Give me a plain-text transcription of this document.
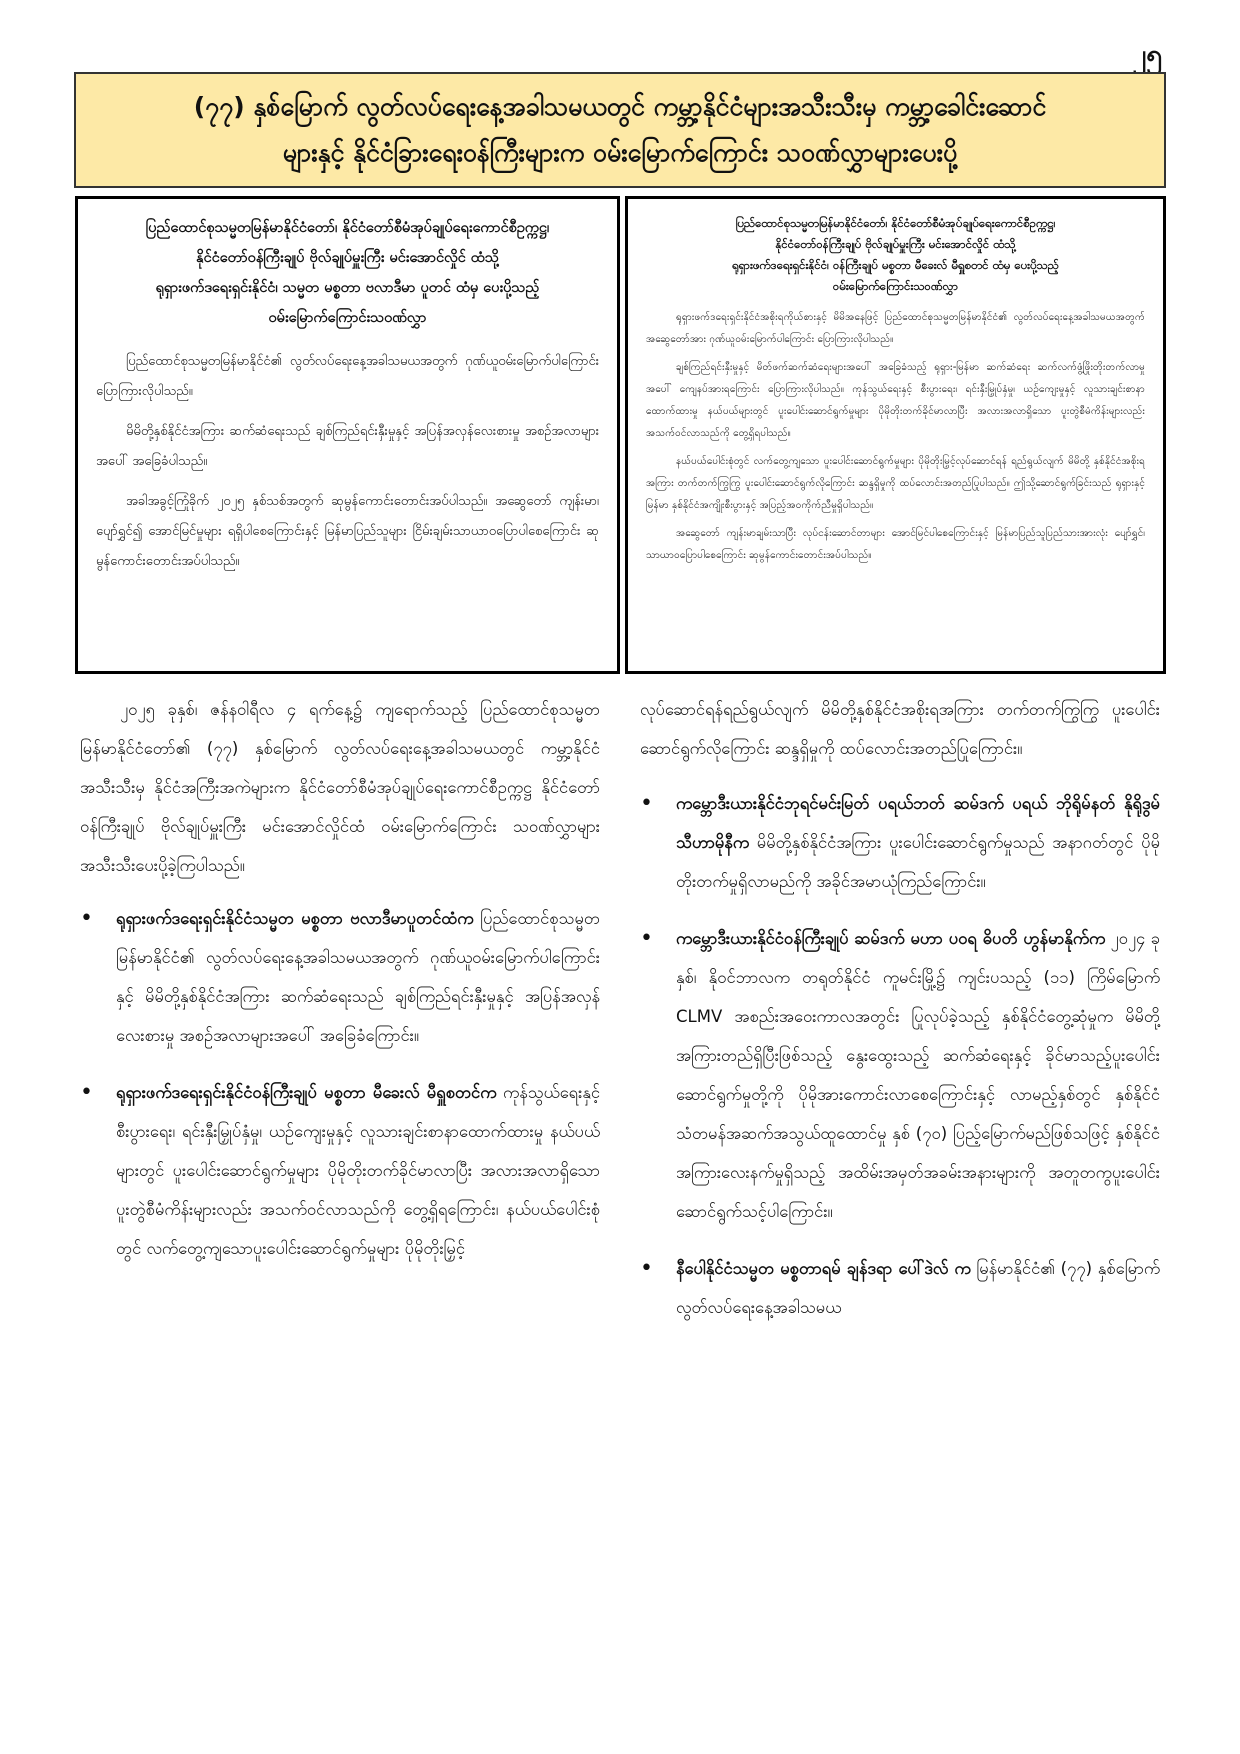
၂၅
(၇၇) နှစ်မြောက် လွတ်လပ်ရေးနေ့အခါသမယတွင် ကမ္ဘာ့နိုင်ငံများအသီးသီးမှ ကမ္ဘာ့ခေါင်းဆောင်
များနှင့် နိုင်ငံခြားရေးဝန်ကြီးများက ဝမ်းမြောက်ကြောင်း သဝဏ်လွှာများပေးပို့
ပြည်ထောင်စုသမ္မတမြန်မာနိုင်ငံတော်၊ နိုင်ငံတော်စီမံအုပ်ချုပ်ရေးကောင်စီဥက္ကဋ္ဌ၊
နိုင်ငံတော်ဝန်ကြီးချုပ် ဗိုလ်ချုပ်မှူးကြီး မင်းအောင်လှိုင် ထံသို့
ရုရှားဖက်ဒရေးရှင်းနိုင်ငံ၊ သမ္မတ မစ္စတာ ဗလာဒီမာ ပူတင် ထံမှ ပေးပို့သည့်
ဝမ်းမြောက်ကြောင်းသဝဏ်လွှာ

ပြည်ထောင်စုသမ္မတမြန်မာနိုင်ငံ၏ လွတ်လပ်ရေးနေ့အခါသမယအတွက် ဂုဏ်ယူဝမ်းမြောက်ပါကြောင်း ပြောကြားလိုပါသည်။

မိမိတို့နှစ်နိုင်ငံအကြား ဆက်ဆံရေးသည် ချစ်ကြည်ရင်းနှီးမှုနှင့် အပြန်အလှန်လေးစားမှု အစဉ်အလာများအပေါ် အခြေခံပါသည်။

အခါအခွင့်ကြုံခိုက် ၂၀၂၅ နှစ်သစ်အတွက် ဆုမွန်ကောင်းတောင်းအပ်ပါသည်။ အဆွေတော် ကျန်းမာ၊ ပျော်ရွှင်၍ အောင်မြင်မှုများ ရရှိပါစေကြောင်းနှင့် မြန်မာပြည်သူများ ငြိမ်းချမ်းသာယာဝပြောပါစေကြောင်း ဆုမွန်ကောင်းတောင်းအပ်ပါသည်။

ပြည်ထောင်စုသမ္မတမြန်မာနိုင်ငံတော်၊ နိုင်ငံတော်စီမံအုပ်ချုပ်ရေးကောင်စီဥက္ကဋ္ဌ၊
နိုင်ငံတော်ဝန်ကြီးချုပ် ဗိုလ်ချုပ်မှူးကြီး မင်းအောင်လှိုင် ထံသို့
ရုရှားဖက်ဒရေးရှင်းနိုင်ငံ၊ ဝန်ကြီးချုပ် မစ္စတာ မီခေးလ် မီရှူစတင် ထံမှ ပေးပို့သည့်
ဝမ်းမြောက်ကြောင်းသဝဏ်လွှာ

ရုရှားဖက်ဒရေးရှင်းနိုင်ငံအစိုးရကိုယ်စားနှင့် မိမိအနေဖြင့် ပြည်ထောင်စုသမ္မတမြန်မာနိုင်ငံ၏ လွတ်လပ်ရေးနေ့အခါသမယအတွက် အဆွေတော်အား ဂုဏ်ယူဝမ်းမြောက်ပါကြောင်း ပြောကြားလိုပါသည်။

ချစ်ကြည်ရင်းနှီးမှုနှင့် မိတ်ဖက်ဆက်ဆံရေးများအပေါ် အခြေခံသည့် ရုရှား-မြန်မာ ဆက်ဆံရေး ဆက်လက်ဖွံ့ဖြိုးတိုးတက်လာမှုအပေါ် ကျေနပ်အားရကြောင်း ပြောကြားလိုပါသည်။ ကုန်သွယ်ရေးနှင့် စီးပွားရေး၊ ရင်းနှီးမြှုပ်နှံမှု၊ ယဉ်ကျေးမှုနှင့် လူသားချင်းစာနာထောက်ထားမှု နယ်ပယ်များတွင် ပူးပေါင်းဆောင်ရွက်မှုများ ပိုမိုတိုးတက်ခိုင်မာလာပြီး အလားအလာရှိသော ပူးတွဲစီမံကိန်းများလည်း အသက်ဝင်လာသည်ကို တွေ့ရှိရပါသည်။

နယ်ပယ်ပေါင်းစုံတွင် လက်တွေ့ကျသော ပူးပေါင်းဆောင်ရွက်မှုများ ပိုမိုတိုးမြှင့်လုပ်ဆောင်ရန် ရည်ရွယ်လျက် မိမိတို့ နှစ်နိုင်ငံအစိုးရအကြား တက်တက်ကြွကြွ ပူးပေါင်းဆောင်ရွက်လိုကြောင်း ဆန္ဒရှိမှုကို ထပ်လောင်းအတည်ပြုပါသည်။ ဤသို့ဆောင်ရွက်ခြင်းသည် ရုရှားနှင့် မြန်မာ နှစ်နိုင်ငံအကျိုးစီးပွားနှင့် အပြည့်အဝကိုက်ညီမှုရှိပါသည်။

အဆွေတော် ကျန်းမာချမ်းသာပြီး လုပ်ငန်းဆောင်တာများ အောင်မြင်ပါစေကြောင်းနှင့် မြန်မာပြည်သူပြည်သားအားလုံး ပျော်ရွှင်၊ သာယာဝပြောပါစေကြောင်း ဆုမွန်ကောင်းတောင်းအပ်ပါသည်။

၂၀၂၅ ခုနှစ်၊ ဇန်နဝါရီလ ၄ ရက်နေ့၌ ကျရောက်သည့် ပြည်ထောင်စုသမ္မတမြန်မာနိုင်ငံတော်၏ (၇၇) နှစ်မြောက် လွတ်လပ်ရေးနေ့အခါသမယတွင် ကမ္ဘာ့နိုင်ငံအသီးသီးမှ နိုင်ငံအကြီးအကဲများက နိုင်ငံတော်စီမံအုပ်ချုပ်ရေးကောင်စီဥက္ကဋ္ဌ နိုင်ငံတော်ဝန်ကြီးချုပ် ဗိုလ်ချုပ်မှူးကြီး မင်းအောင်လှိုင်ထံ ဝမ်းမြောက်ကြောင်း သဝဏ်လွှာများ အသီးသီးပေးပို့ခဲ့ကြပါသည်။

• ရုရှားဖက်ဒရေးရှင်းနိုင်ငံသမ္မတ မစ္စတာ ဗလာဒီမာပူတင်ထံက ပြည်ထောင်စုသမ္မတမြန်မာနိုင်ငံ၏ လွတ်လပ်ရေးနေ့အခါသမယအတွက် ဂုဏ်ယူဝမ်းမြောက်ပါကြောင်းနှင့် မိမိတို့နှစ်နိုင်ငံအကြား ဆက်ဆံရေးသည် ချစ်ကြည်ရင်းနှီးမှုနှင့် အပြန်အလှန်လေးစားမှု အစဉ်အလာများအပေါ် အခြေခံကြောင်း။
• ရုရှားဖက်ဒရေးရှင်းနိုင်ငံဝန်ကြီးချုပ် မစ္စတာ မီခေးလ် မီရှူစတင်က ကုန်သွယ်ရေးနှင့် စီးပွားရေး၊ ရင်းနှီးမြှုပ်နှံမှု၊ ယဉ်ကျေးမှုနှင့် လူသားချင်းစာနာထောက်ထားမှု နယ်ပယ်များတွင် ပူးပေါင်းဆောင်ရွက်မှုများ ပိုမိုတိုးတက်ခိုင်မာလာပြီး အလားအလာရှိသော ပူးတွဲစီမံကိန်းများလည်း အသက်ဝင်လာသည်ကို တွေ့ရှိရကြောင်း၊ နယ်ပယ်ပေါင်းစုံတွင် လက်တွေ့ကျသောပူးပေါင်းဆောင်ရွက်မှုများ ပိုမိုတိုးမြှင့်

လုပ်ဆောင်ရန်ရည်ရွယ်လျက် မိမိတို့နှစ်နိုင်ငံအစိုးရအကြား တက်တက်ကြွကြွ ပူးပေါင်းဆောင်ရွက်လိုကြောင်း ဆန္ဒရှိမှုကို ထပ်လောင်းအတည်ပြုကြောင်း။

• ကမ္ဘောဒီးယားနိုင်ငံဘုရင်မင်းမြတ် ပရယ်ဘတ် ဆမ်ဒက် ပရယ် ဘိုရိုမ်နတ် နိုရိုဒွမ် သီဟာမိုနီက မိမိတို့နှစ်နိုင်ငံအကြား ပူးပေါင်းဆောင်ရွက်မှုသည် အနာဂတ်တွင် ပိုမိုတိုးတက်မှုရှိလာမည်ကို အခိုင်အမာယုံကြည်ကြောင်း။
• ကမ္ဘောဒီးယားနိုင်ငံဝန်ကြီးချုပ် ဆမ်ဒက် မဟာ ပဝရ ဓိပတိ ဟွန်မာနိုက်က ၂၀၂၄ ခုနှစ်၊ နိုဝင်ဘာလက တရုတ်နိုင်ငံ ကူမင်းမြို့၌ ကျင်းပသည့် (၁၁) ကြိမ်မြောက် CLMV အစည်းအဝေးကာလအတွင်း ပြုလုပ်ခဲ့သည့် နှစ်နိုင်ငံတွေ့ဆုံမှုက မိမိတို့အကြားတည်ရှိပြီးဖြစ်သည့် နွေးထွေးသည့် ဆက်ဆံရေးနှင့် ခိုင်မာသည့်ပူးပေါင်းဆောင်ရွက်မှုတို့ကို ပိုမိုအားကောင်းလာစေကြောင်းနှင့် လာမည့်နှစ်တွင် နှစ်နိုင်ငံသံတမန်အဆက်အသွယ်ထူထောင်မှု နှစ် (၇၀) ပြည့်မြောက်မည်ဖြစ်သဖြင့် နှစ်နိုင်ငံအကြားလေးနက်မှုရှိသည့် အထိမ်းအမှတ်အခမ်းအနားများကို အတူတကွပူးပေါင်းဆောင်ရွက်သင့်ပါကြောင်း။
• နီပေါနိုင်ငံသမ္မတ မစ္စတာရမ် ချန်ဒရာ ပေါ်ဒဲလ် က မြန်မာနိုင်ငံ၏ (၇၇) နှစ်မြောက် လွတ်လပ်ရေးနေ့အခါသမယ
